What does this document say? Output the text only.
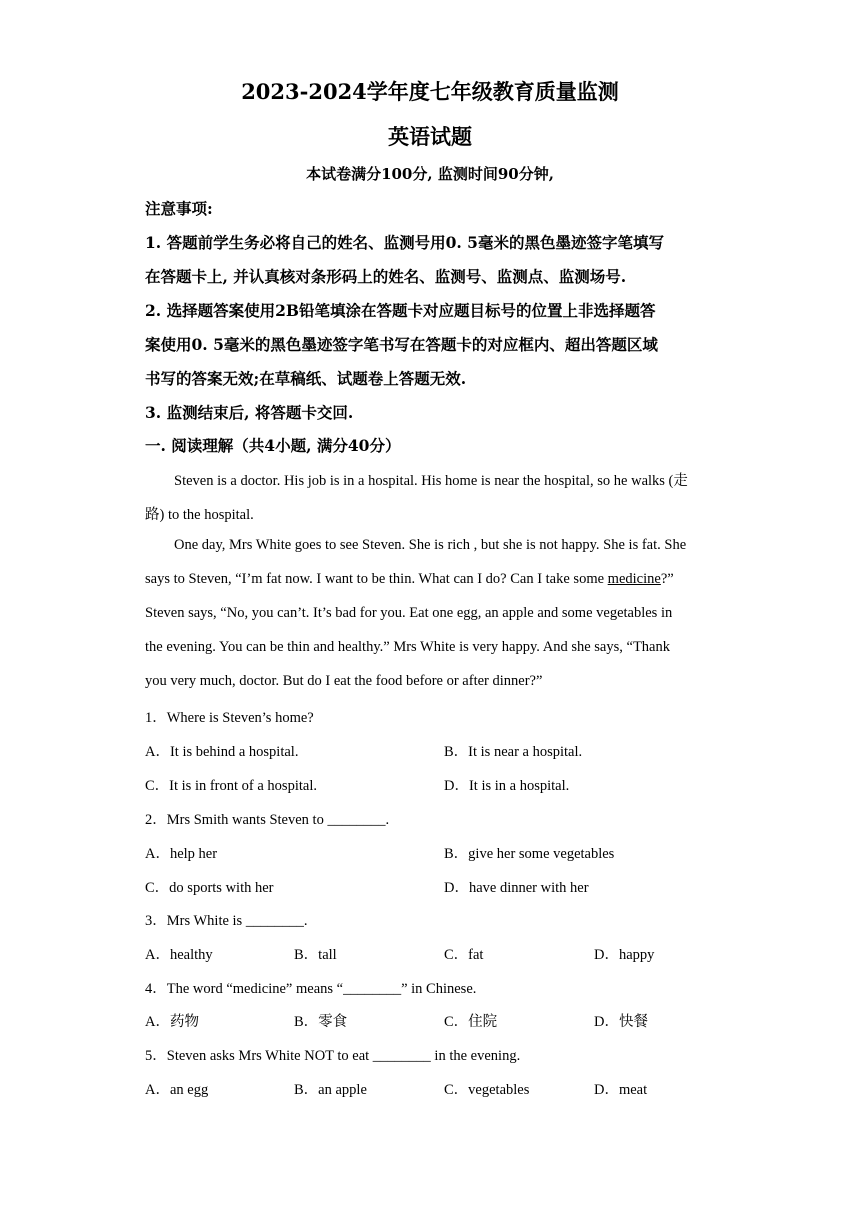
2023-2024学年度七年级教育质量监测
英语试题
本试卷满分100分, 监测时间90分钟,
注意事项:
1. 答题前学生务必将自己的姓名、监测号用0. 5毫米的黑色墨迹签字笔填写
在答题卡上, 并认真核对条形码上的姓名、监测号、监测点、监测场号.
2. 选择题答案使用2B铅笔填涂在答题卡对应题目标号的位置上非选择题答
案使用0. 5毫米的黑色墨迹签字笔书写在答题卡的对应框内、超出答题区域
书写的答案无效;在草稿纸、试题卷上答题无效.
3. 监测结束后, 将答题卡交回.
一. 阅读理解（共4小题, 满分40分）
Steven is a doctor. His job is in a hospital. His home is near the hospital, so he walks (走
路) to the hospital.
One day, Mrs White goes to see Steven. She is rich , but she is not happy. She is fat. She
says to Steven, “I’m fat now. I want to be thin. What can I do? Can I take some medicine?”
Steven says, “No, you can’t. It’s bad for you. Eat one egg, an apple and some vegetables in
the evening. You can be thin and healthy.” Mrs White is very happy. And she says, “Thank
you very much, doctor. But do I eat the food before or after dinner?”
1．Where is Steven’s home?
A．It is behind a hospital.	B．It is near a hospital.
C．It is in front of a hospital.	D．It is in a hospital.
2．Mrs Smith wants Steven to ________.
A．help her	B．give her some vegetables
C．do sports with her	D．have dinner with her
3．Mrs White is ________.
A．healthy	B．tall	C．fat	D．happy
4．The word “medicine” means “________” in Chinese.
A．药物	B．零食	C．住院	D．快餐
5．Steven asks Mrs White NOT to eat ________ in the evening.
A．an egg	B．an apple	C．vegetables	D．meat
